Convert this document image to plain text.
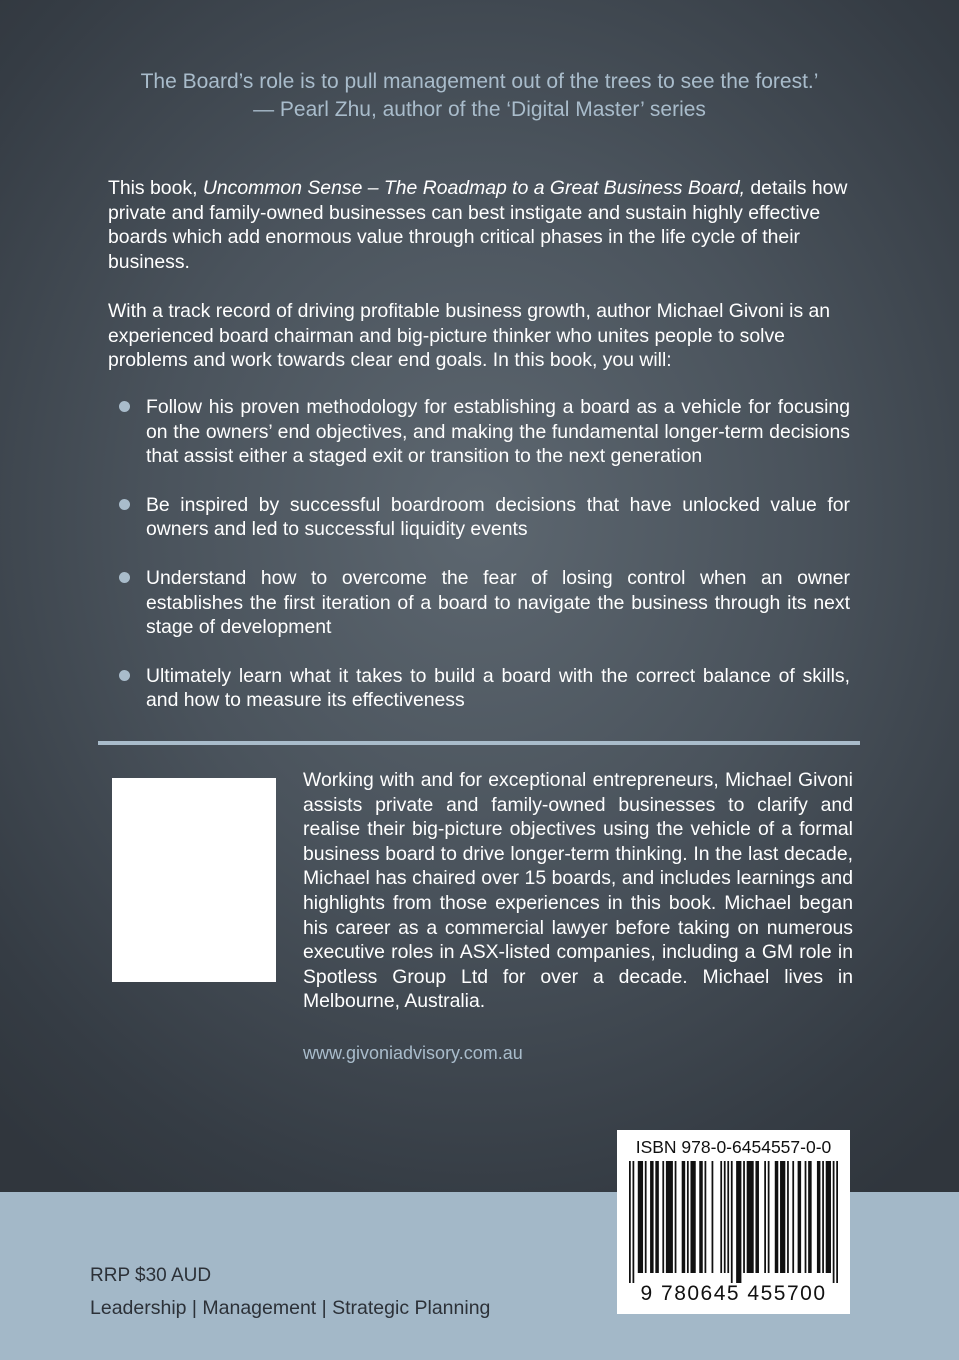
The Board’s role is to pull management out of the trees to see the forest.’
— Pearl Zhu, author of the ‘Digital Master’ series

This book, Uncommon Sense – The Roadmap to a Great Business Board, details how private and family-owned businesses can best instigate and sustain highly effective boards which add enormous value through critical phases in the life cycle of their business.

With a track record of driving profitable business growth, author Michael Givoni is an experienced board chairman and big-picture thinker who unites people to solve problems and work towards clear end goals. In this book, you will:

Follow his proven methodology for establishing a board as a vehicle for focusing on the owners’ end objectives, and making the fundamental longer-term decisions that assist either a staged exit or transition to the next generation
Be inspired by successful boardroom decisions that have unlocked value for owners and led to successful liquidity events
Understand how to overcome the fear of losing control when an owner establishes the first iteration of a board to navigate the business through its next stage of development
Ultimately learn what it takes to build a board with the correct balance of skills, and how to measure its effectiveness

Working with and for exceptional entrepreneurs, Michael Givoni assists private and family-owned businesses to clarify and realise their big-picture objectives using the vehicle of a formal business board to drive longer-term thinking. In the last decade, Michael has chaired over 15 boards, and includes learnings and highlights from those experiences in this book. Michael began his career as a commercial lawyer before taking on numerous executive roles in ASX-listed companies, including a GM role in Spotless Group Ltd for over a decade. Michael lives in Melbourne, Australia.

www.givoniadvisory.com.au
RRP $30 AUD
Leadership | Management | Strategic Planning
ISBN 978-0-6454557-0-0
9 780645 455700
